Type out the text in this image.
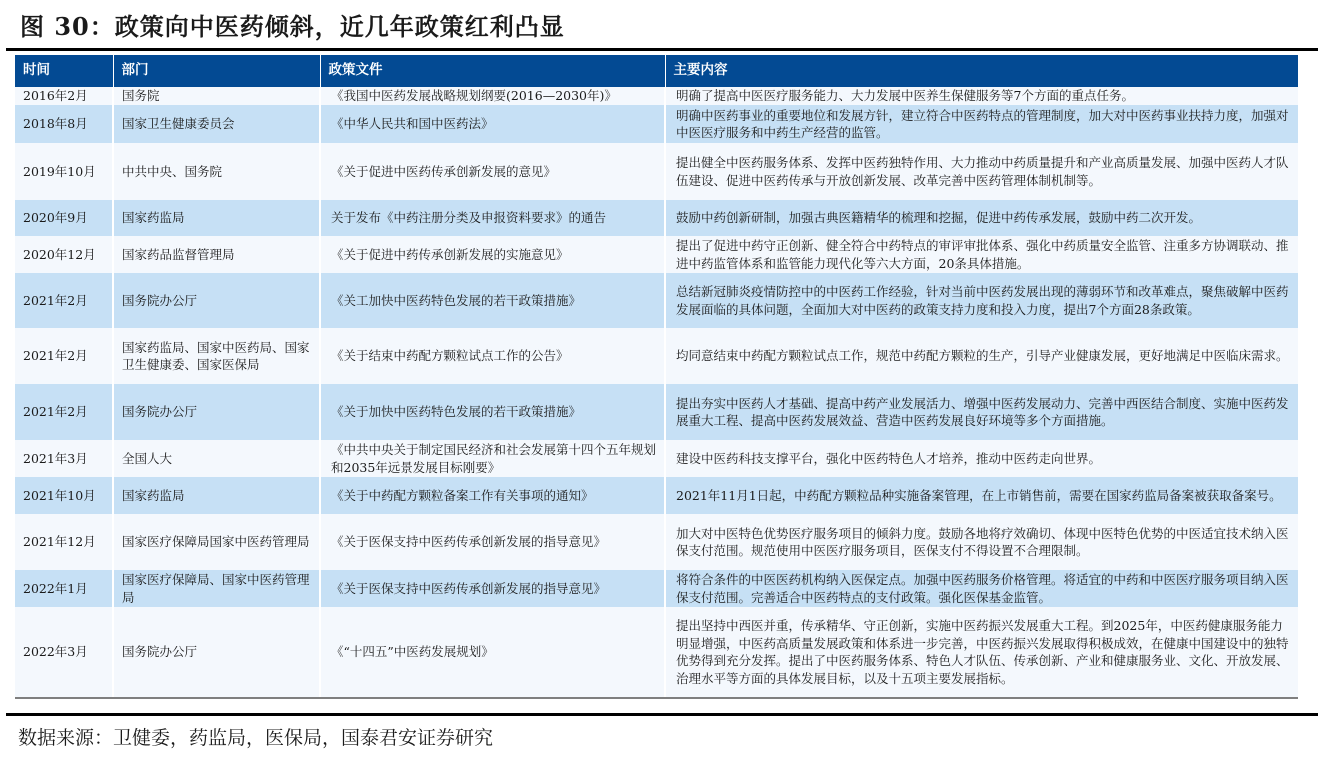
图 30：政策向中医药倾斜，近几年政策红利凸显
时间	部门	政策文件	主要内容
2016年2月	国务院	《我国中医药发展战略规划纲要(2016—2030年)》	明确了提高中医医疗服务能力、大力发展中医养生保健服务等7个方面的重点任务。
2018年8月	国家卫生健康委员会	《中华人民共和国中医药法》	明确中医药事业的重要地位和发展方针，建立符合中医药特点的管理制度，加大对中医药事业扶持力度，加强对中医医疗服务和中药生产经营的监管。
2019年10月	中共中央、国务院	《关于促进中医药传承创新发展的意见》	提出健全中医药服务体系、发挥中医药独特作用、大力推动中药质量提升和产业高质量发展、加强中医药人才队伍建设、促进中医药传承与开放创新发展、改革完善中医药管理体制机制等。
2020年9月	国家药监局	关于发布《中药注册分类及申报资料要求》的通告	鼓励中药创新研制，加强古典医籍精华的梳理和挖掘，促进中药传承发展，鼓励中药二次开发。
2020年12月	国家药品监督管理局	《关于促进中药传承创新发展的实施意见》	提出了促进中药守正创新、健全符合中药特点的审评审批体系、强化中药质量安全监管、注重多方协调联动、推进中药监管体系和监管能力现代化等六大方面，20条具体措施。
2021年2月	国务院办公厅	《关工加快中医药特色发展的若干政策措施》	总结新冠肺炎疫情防控中的中医药工作经验，针对当前中医药发展出现的薄弱环节和改革难点，聚焦破解中医药发展面临的具体问题，全面加大对中医药的政策支持力度和投入力度，提出7个方面28条政策。
2021年2月	国家药监局、国家中医药局、国家卫生健康委、国家医保局	《关于结束中药配方颗粒试点工作的公告》	均同意结束中药配方颗粒试点工作，规范中药配方颗粒的生产，引导产业健康发展，更好地满足中医临床需求。
2021年2月	国务院办公厅	《关于加快中医药特色发展的若干政策措施》	提出夯实中医药人才基础、提高中药产业发展活力、增强中医药发展动力、完善中西医结合制度、实施中医药发展重大工程、提高中医药发展效益、营造中医药发展良好环境等多个方面措施。
2021年3月	全国人大	《中共中央关于制定国民经济和社会发展第十四个五年规划和2035年远景发展目标刚要》	建设中医药科技支撑平台，强化中医药特色人才培养，推动中医药走向世界。
2021年10月	国家药监局	《关于中药配方颗粒备案工作有关事项的通知》	2021年11月1日起，中药配方颗粒品种实施备案管理，在上市销售前，需要在国家药监局备案被获取备案号。
2021年12月	国家医疗保障局国家中医药管理局	《关于医保支持中医药传承创新发展的指导意见》	加大对中医特色优势医疗服务项目的倾斜力度。鼓励各地将疗效确切、体现中医特色优势的中医适宜技术纳入医保支付范围。规范使用中医医疗服务项目，医保支付不得设置不合理限制。
2022年1月	国家医疗保障局、国家中医药管理局	《关于医保支持中医药传承创新发展的指导意见》	将符合条件的中医医药机构纳入医保定点。加强中医药服务价格管理。将适宜的中药和中医医疗服务项目纳入医保支付范围。完善适合中医药特点的支付政策。强化医保基金监管。
2022年3月	国务院办公厅	《“十四五”中医药发展规划》	提出坚持中西医并重，传承精华、守正创新，实施中医药振兴发展重大工程。到2025年，中医药健康服务能力明显增强，中医药高质量发展政策和体系进一步完善，中医药振兴发展取得积极成效，在健康中国建设中的独特优势得到充分发挥。提出了中医药服务体系、特色人才队伍、传承创新、产业和健康服务业、文化、开放发展、治理水平等方面的具体发展目标，以及十五项主要发展指标。
数据来源：卫健委，药监局，医保局，国泰君安证券研究
